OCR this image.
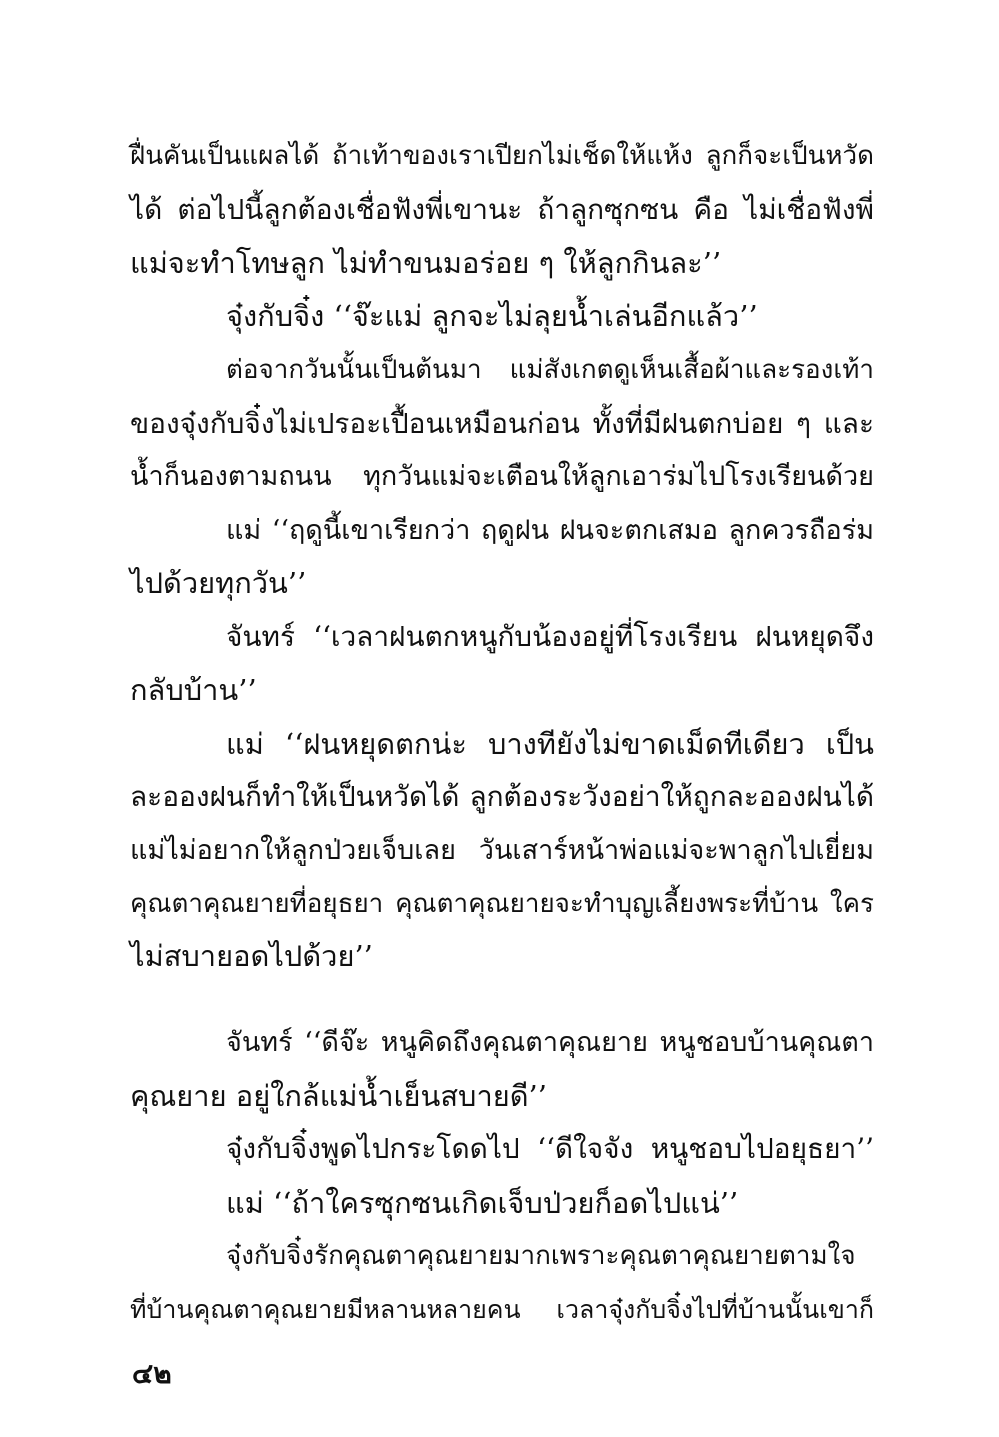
ฝื่นคันเป็นแผลได้ ถ้าเท้าของเราเปียกไม่เช็ดให้แห้ง ลูกก็จะเป็นหวัด
ได้ ต่อไปนี้ลูกต้องเชื่อฟังพี่เขานะ ถ้าลูกซุกซน คือ ไม่เชื่อฟังพี่
แม่จะทำโทษลูก ไม่ทำขนมอร่อย ๆ ให้ลูกกินละ’’
จุ๋งกับจิ๋ง ‘‘จ๊ะแม่ ลูกจะไม่ลุยน้ำเล่นอีกแล้ว’’
ต่อจากวันนั้นเป็นต้นมา แม่สังเกตดูเห็นเสื้อผ้าและรองเท้า
ของจุ๋งกับจิ๋งไม่เปรอะเปื้อนเหมือนก่อน ทั้งที่มีฝนตกบ่อย ๆ และ
น้ำก็นองตามถนน ทุกวันแม่จะเตือนให้ลูกเอาร่มไปโรงเรียนด้วย
แม่ ‘‘ฤดูนี้เขาเรียกว่า ฤดูฝน ฝนจะตกเสมอ ลูกควรถือร่ม
ไปด้วยทุกวัน’’
จันทร์ ‘‘เวลาฝนตกหนูกับน้องอยู่ที่โรงเรียน ฝนหยุดจึง
กลับบ้าน’’
แม่ ‘‘ฝนหยุดตกน่ะ บางทียังไม่ขาดเม็ดทีเดียว เป็น
ละอองฝนก็ทำให้เป็นหวัดได้ ลูกต้องระวังอย่าให้ถูกละอองฝนได้
แม่ไม่อยากให้ลูกป่วยเจ็บเลย วันเสาร์หน้าพ่อแม่จะพาลูกไปเยี่ยม
คุณตาคุณยายที่อยุธยา คุณตาคุณยายจะทำบุญเลี้ยงพระที่บ้าน ใคร
ไม่สบายอดไปด้วย’’
จันทร์ ‘‘ดีจ๊ะ หนูคิดถึงคุณตาคุณยาย หนูชอบบ้านคุณตา
คุณยาย อยู่ใกล้แม่น้ำเย็นสบายดี’’
จุ๋งกับจิ๋งพูดไปกระโดดไป ‘‘ดีใจจัง หนูชอบไปอยุธยา’’
แม่ ‘‘ถ้าใครซุกซนเกิดเจ็บป่วยก็อดไปแน่’’
จุ๋งกับจิ๋งรักคุณตาคุณยายมากเพราะคุณตาคุณยายตามใจ
ที่บ้านคุณตาคุณยายมีหลานหลายคน เวลาจุ๋งกับจิ๋งไปที่บ้านนั้นเขาก็
๔๒
